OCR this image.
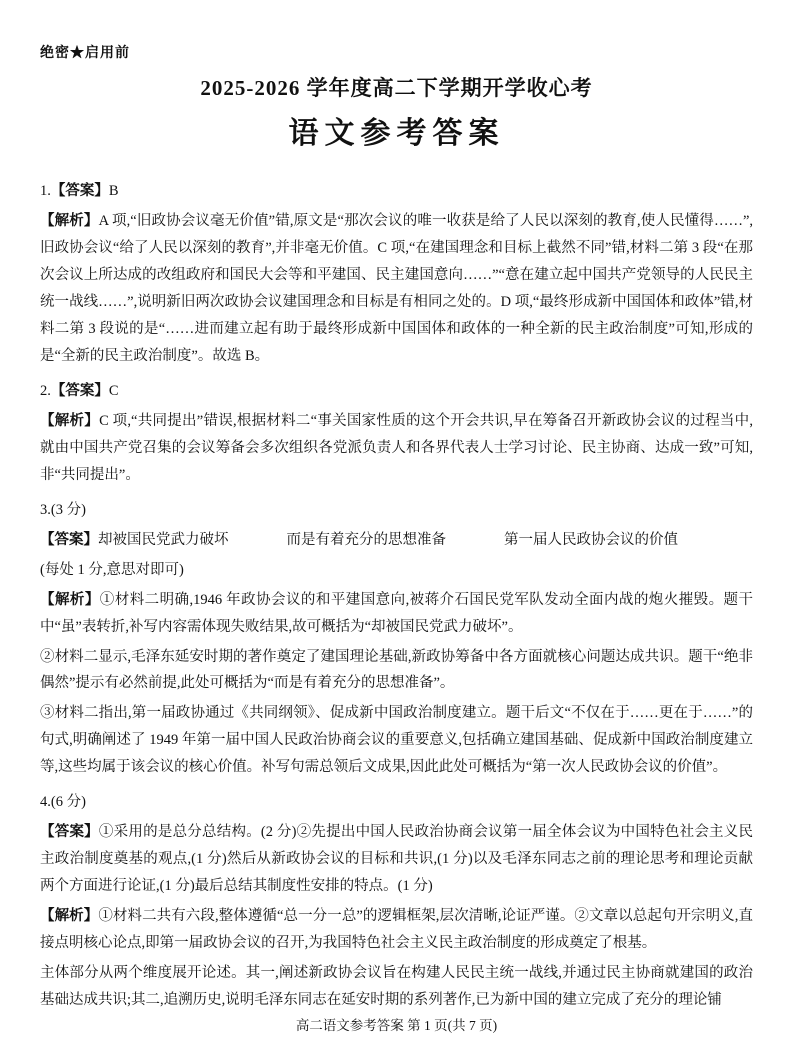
绝密★启用前
2025-2026 学年度高二下学期开学收心考
语文参考答案

1.【答案】B

【解析】A 项,“旧政协会议毫无价值”错,原文是“那次会议的唯一收获是给了人民以深刻的教育,使人民懂得……”,旧政协会议“给了人民以深刻的教育”,并非毫无价值。C 项,“在建国理念和目标上截然不同”错,材料二第 3 段“在那次会议上所达成的改组政府和国民大会等和平建国、民主建国意向……”“意在建立起中国共产党领导的人民民主统一战线……”,说明新旧两次政协会议建国理念和目标是有相同之处的。D 项,“最终形成新中国国体和政体”错,材料二第 3 段说的是“……进而建立起有助于最终形成新中国国体和政体的一种全新的民主政治制度”可知,形成的是“全新的民主政治制度”。故选 B。

2.【答案】C

【解析】C 项,“共同提出”错误,根据材料二“事关国家性质的这个开会共识,早在筹备召开新政协会议的过程当中,就由中国共产党召集的会议筹备会多次组织各党派负责人和各界代表人士学习讨论、民主协商、达成一致”可知,非“共同提出”。

3.(3 分)

【答案】却被国民党武力破坏	而是有着充分的思想准备	第一届人民政协会议的价值

(每处 1 分,意思对即可)

【解析】①材料二明确,1946 年政协会议的和平建国意向,被蒋介石国民党军队发动全面内战的炮火摧毁。题干中“虽”表转折,补写内容需体现失败结果,故可概括为“却被国民党武力破坏”。

②材料二显示,毛泽东延安时期的著作奠定了建国理论基础,新政协筹备中各方面就核心问题达成共识。题干“绝非偶然”提示有必然前提,此处可概括为“而是有着充分的思想准备”。

③材料二指出,第一届政协通过《共同纲领》、促成新中国政治制度建立。题干后文“不仅在于……更在于……”的句式,明确阐述了 1949 年第一届中国人民政治协商会议的重要意义,包括确立建国基础、促成新中国政治制度建立等,这些均属于该会议的核心价值。补写句需总领后文成果,因此此处可概括为“第一次人民政协会议的价值”。

4.(6 分)

【答案】①采用的是总分总结构。(2 分)②先提出中国人民政治协商会议第一届全体会议为中国特色社会主义民主政治制度奠基的观点,(1 分)然后从新政协会议的目标和共识,(1 分)以及毛泽东同志之前的理论思考和理论贡献两个方面进行论证,(1 分)最后总结其制度性安排的特点。(1 分)

【解析】①材料二共有六段,整体遵循“总一分一总”的逻辑框架,层次清晰,论证严谨。②文章以总起句开宗明义,直接点明核心论点,即第一届政协会议的召开,为我国特色社会主义民主政治制度的形成奠定了根基。

主体部分从两个维度展开论述。其一,阐述新政协会议旨在构建人民民主统一战线,并通过民主协商就建国的政治基础达成共识;其二,追溯历史,说明毛泽东同志在延安时期的系列著作,已为新中国的建立完成了充分的理论铺

高二语文参考答案 第 1 页(共 7 页)
